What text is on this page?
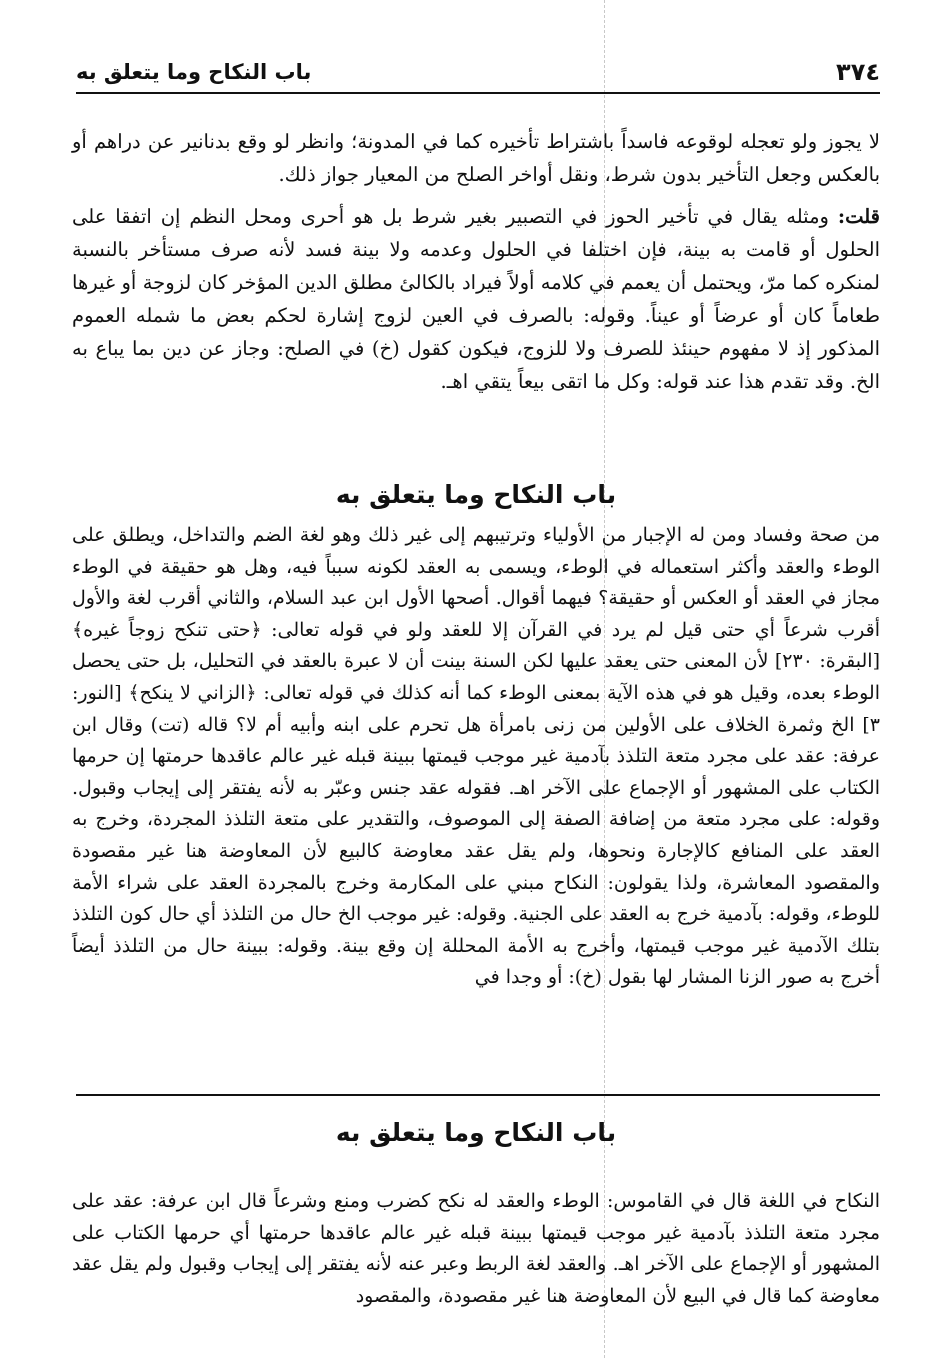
٣٧٤
باب النكاح وما يتعلق به

لا يجوز ولو تعجله لوقوعه فاسداً باشتراط تأخيره كما في المدونة؛ وانظر لو وقع بدنانير عن دراهم أو بالعكس وجعل التأخير بدون شرط، ونقل أواخر الصلح من المعيار جواز ذلك.

قلت: ومثله يقال في تأخير الحوز في التصبير بغير شرط بل هو أحرى ومحل النظم إن اتفقا على الحلول أو قامت به بينة، فإن اختلفا في الحلول وعدمه ولا بينة فسد لأنه صرف مستأخر بالنسبة لمنكره كما مرّ، ويحتمل أن يعمم في كلامه أولاً فيراد بالكالئ مطلق الدين المؤخر كان لزوجة أو غيرها طعاماً كان أو عرضاً أو عيناً. وقوله: بالصرف في العين لزوج إشارة لحكم بعض ما شمله العموم المذكور إذ لا مفهوم حينئذ للصرف ولا للزوج، فيكون كقول (خ) في الصلح: وجاز عن دين بما يباع به الخ. وقد تقدم هذا عند قوله: وكل ما اتقى بيعاً يتقي اهـ.

باب النكاح وما يتعلق به

من صحة وفساد ومن له الإجبار من الأولياء وترتيبهم إلى غير ذلك وهو لغة الضم والتداخل، ويطلق على الوطء والعقد وأكثر استعماله في الوطء، ويسمى به العقد لكونه سبباً فيه، وهل هو حقيقة في الوطء مجاز في العقد أو العكس أو حقيقة؟ فيهما أقوال. أصحها الأول ابن عبد السلام، والثاني أقرب لغة والأول أقرب شرعاً أي حتى قيل لم يرد في القرآن إلا للعقد ولو في قوله تعالى: ﴿حتى تنكح زوجاً غيره﴾ [البقرة: ٢٣٠] لأن المعنى حتى يعقد عليها لكن السنة بينت أن لا عبرة بالعقد في التحليل، بل حتى يحصل الوطء بعده، وقيل هو في هذه الآية بمعنى الوطء كما أنه كذلك في قوله تعالى: ﴿الزاني لا ينكح﴾ [النور: ٣] الخ وثمرة الخلاف على الأولين من زنى بامرأة هل تحرم على ابنه وأبيه أم لا؟ قاله (تت) وقال ابن عرفة: عقد على مجرد متعة التلذذ بآدمية غير موجب قيمتها ببينة قبله غير عالم عاقدها حرمتها إن حرمها الكتاب على المشهور أو الإجماع على الآخر اهـ. فقوله عقد جنس وعبّر به لأنه يفتقر إلى إيجاب وقبول. وقوله: على مجرد متعة من إضافة الصفة إلى الموصوف، والتقدير على متعة التلذذ المجردة، وخرج به العقد على المنافع كالإجارة ونحوها، ولم يقل عقد معاوضة كالبيع لأن المعاوضة هنا غير مقصودة والمقصود المعاشرة، ولذا يقولون: النكاح مبني على المكارمة وخرج بالمجردة العقد على شراء الأمة للوطء، وقوله: بآدمية خرج به العقد على الجنية. وقوله: غير موجب الخ حال من التلذذ أي حال كون التلذذ بتلك الآدمية غير موجب قيمتها، وأخرج به الأمة المحللة إن وقع بينة. وقوله: ببينة حال من التلذذ أيضاً أخرج به صور الزنا المشار لها بقول (خ): أو وجدا في

باب النكاح وما يتعلق به

النكاح في اللغة قال في القاموس: الوطء والعقد له نكح كضرب ومنع وشرعاً قال ابن عرفة: عقد على مجرد متعة التلذذ بآدمية غير موجب قيمتها ببينة قبله غير عالم عاقدها حرمتها أي حرمها الكتاب على المشهور أو الإجماع على الآخر اهـ. والعقد لغة الربط وعبر عنه لأنه يفتقر إلى إيجاب وقبول ولم يقل عقد معاوضة كما قال في البيع لأن المعاوضة هنا غير مقصودة، والمقصود
